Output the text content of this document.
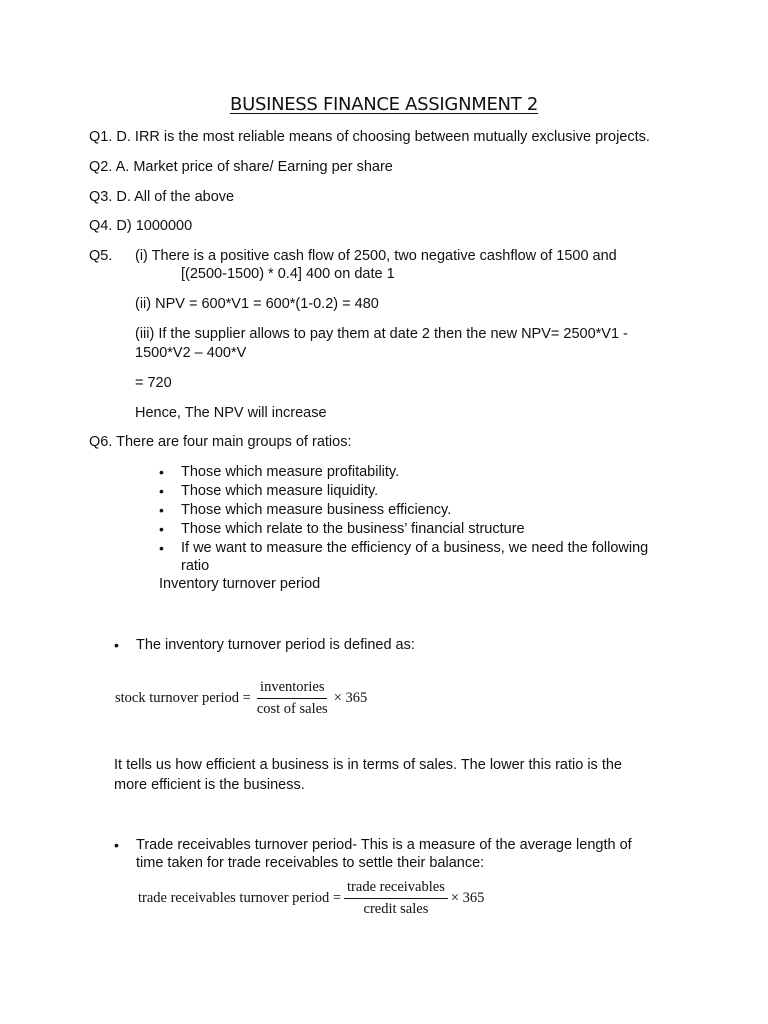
BUSINESS FINANCE ASSIGNMENT 2
Q1. D. IRR is the most reliable means of choosing between mutually exclusive projects.
Q2. A. Market price of share/ Earning per share
Q3. D. All of the above
Q4. D) 1000000
Q5. (i) There is a positive cash flow of 2500, two negative cashflow of 1500 and
[(2500-1500) * 0.4] 400 on date 1
(ii) NPV = 600*V1 = 600*(1-0.2) = 480
(iii) If the supplier allows to pay them at date 2 then the new NPV= 2500*V1 -
1500*V2 – 400*V
= 720
Hence, The NPV will increase
Q6. There are four main groups of ratios:
• Those which measure profitability.
• Those which measure liquidity.
• Those which measure business efficiency.
• Those which relate to the business’ financial structure
• If we want to measure the efficiency of a business, we need the following
ratio
Inventory turnover period
• The inventory turnover period is defined as:
stock turnover period = $\frac{\text{inventories}}{\text{cost of sales}} \times 365$
It tells us how efficient a business is in terms of sales. The lower this ratio is the
more efficient is the business.
• Trade receivables turnover period- This is a measure of the average length of
time taken for trade receivables to settle their balance:
trade receivables turnover period = $\frac{\text{trade receivables}}{\text{credit sales}} \times 365$
